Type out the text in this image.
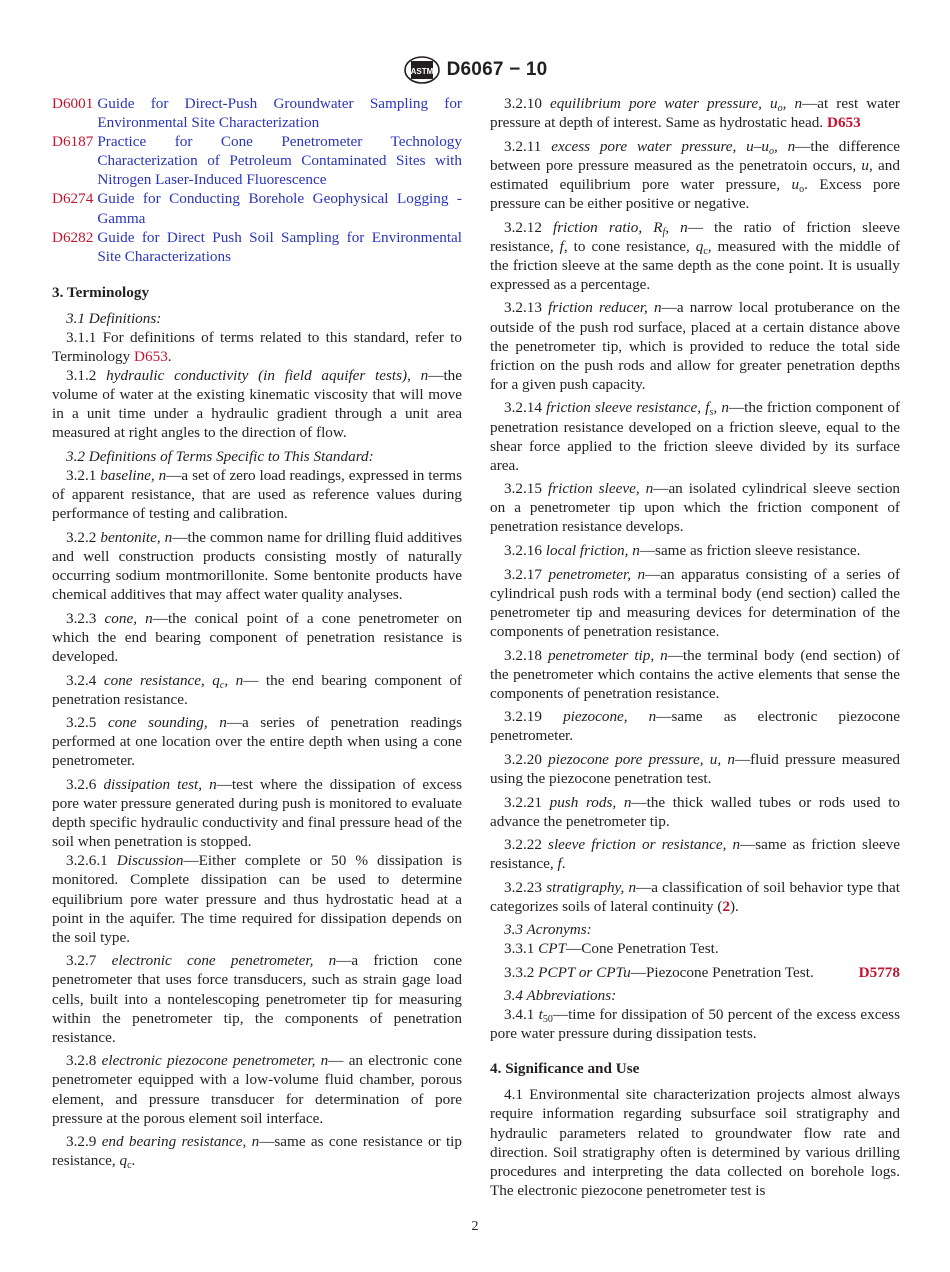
ASTM D6067 − 10
D6001 Guide for Direct-Push Groundwater Sampling for Environmental Site Characterization
D6187 Practice for Cone Penetrometer Technology Characterization of Petroleum Contaminated Sites with Nitrogen Laser-Induced Fluorescence
D6274 Guide for Conducting Borehole Geophysical Logging - Gamma
D6282 Guide for Direct Push Soil Sampling for Environmental Site Characterizations
3. Terminology

3.1 Definitions:

3.1.1 For definitions of terms related to this standard, refer to Terminology D653.

3.1.2 hydraulic conductivity (in field aquifer tests), n—the volume of water at the existing kinematic viscosity that will move in a unit time under a hydraulic gradient through a unit area measured at right angles to the direction of flow.

3.2 Definitions of Terms Specific to This Standard:

3.2.1 baseline, n—a set of zero load readings, expressed in terms of apparent resistance, that are used as reference values during performance of testing and calibration.

3.2.2 bentonite, n—the common name for drilling fluid additives and well construction products consisting mostly of naturally occurring sodium montmorillonite. Some bentonite products have chemical additives that may affect water quality analyses.

3.2.3 cone, n—the conical point of a cone penetrometer on which the end bearing component of penetration resistance is developed.

3.2.4 cone resistance, $q_c$, n— the end bearing component of penetration resistance.

3.2.5 cone sounding, n—a series of penetration readings performed at one location over the entire depth when using a cone penetrometer.

3.2.6 dissipation test, n—test where the dissipation of excess pore water pressure generated during push is monitored to evaluate depth specific hydraulic conductivity and final pressure head of the soil when penetration is stopped.

3.2.6.1 Discussion—Either complete or 50 % dissipation is monitored. Complete dissipation can be used to determine equilibrium pore water pressure and thus hydrostatic head at a point in the aquifer. The time required for dissipation depends on the soil type.

3.2.7 electronic cone penetrometer, n—a friction cone penetrometer that uses force transducers, such as strain gage load cells, built into a nontelescoping penetrometer tip for measuring within the penetrometer tip, the components of penetration resistance.

3.2.8 electronic piezocone penetrometer, n— an electronic cone penetrometer equipped with a low-volume fluid chamber, porous element, and pressure transducer for determination of pore pressure at the porous element soil interface.

3.2.9 end bearing resistance, n—same as cone resistance or tip resistance, $q_c$.

3.2.10 equilibrium pore water pressure, $u_o$, n—at rest water pressure at depth of interest. Same as hydrostatic head. D653

3.2.11 excess pore water pressure, $u-u_o$, n—the difference between pore pressure measured as the penetratoin occurs, u, and estimated equilibrium pore water pressure, $u_o$. Excess pore pressure can be either positive or negative.

3.2.12 friction ratio, $R_f$, n— the ratio of friction sleeve resistance, f, to cone resistance, $q_c$, measured with the middle of the friction sleeve at the same depth as the cone point. It is usually expressed as a percentage.

3.2.13 friction reducer, n—a narrow local protuberance on the outside of the push rod surface, placed at a certain distance above the penetrometer tip, which is provided to reduce the total side friction on the push rods and allow for greater penetration depths for a given push capacity.

3.2.14 friction sleeve resistance, $f_s$, n—the friction component of penetration resistance developed on a friction sleeve, equal to the shear force applied to the friction sleeve divided by its surface area.

3.2.15 friction sleeve, n—an isolated cylindrical sleeve section on a penetrometer tip upon which the friction component of penetration resistance develops.

3.2.16 local friction, n—same as friction sleeve resistance.

3.2.17 penetrometer, n—an apparatus consisting of a series of cylindrical push rods with a terminal body (end section) called the penetrometer tip and measuring devices for determination of the components of penetration resistance.

3.2.18 penetrometer tip, n—the terminal body (end section) of the penetrometer which contains the active elements that sense the components of penetration resistance.

3.2.19 piezocone, n—same as electronic piezocone penetrometer.

3.2.20 piezocone pore pressure, u, n—fluid pressure measured using the piezocone penetration test.

3.2.21 push rods, n—the thick walled tubes or rods used to advance the penetrometer tip.

3.2.22 sleeve friction or resistance, n—same as friction sleeve resistance, f.

3.2.23 stratigraphy, n—a classification of soil behavior type that categorizes soils of lateral continuity (2).

3.3 Acronyms:

3.3.1 CPT—Cone Penetration Test.

3.3.2 PCPT or CPTu—Piezocone Penetration Test.	D5778

3.4 Abbreviations:

3.4.1 $t_{50}—time$ for dissipation of 50 percent of the excess excess pore water pressure during dissipation tests.

4. Significance and Use

4.1 Environmental site characterization projects almost always require information regarding subsurface soil stratigraphy and hydraulic parameters related to groundwater flow rate and direction. Soil stratigraphy often is determined by various drilling procedures and interpreting the data collected on borehole logs. The electronic piezocone penetrometer test is

2
